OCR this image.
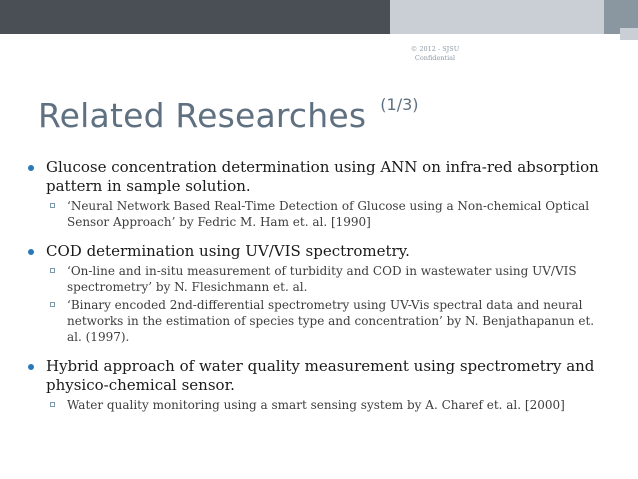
© 2012 - SJSU
Confidential
Related Researches (1/3)
Glucose concentration determination using ANN on infra-red absorption pattern in sample solution.
‘Neural Network Based Real-Time Detection of Glucose using a Non-chemical Optical Sensor Approach’ by Fedric M. Ham et. al. [1990]
COD determination using UV/VIS spectrometry.
‘On-line and in-situ measurement of turbidity and COD in wastewater using UV/VIS spectrometry’ by N. Flesichmann et. al.
‘Binary encoded 2nd-differential spectrometry using UV-Vis spectral data and neural networks in the estimation of species type and concentration’ by N. Benjathapanun et. al. (1997).
Hybrid approach of water quality measurement using spectrometry and physico-chemical sensor.
Water quality monitoring using a smart sensing system by A. Charef et. al. [2000]
